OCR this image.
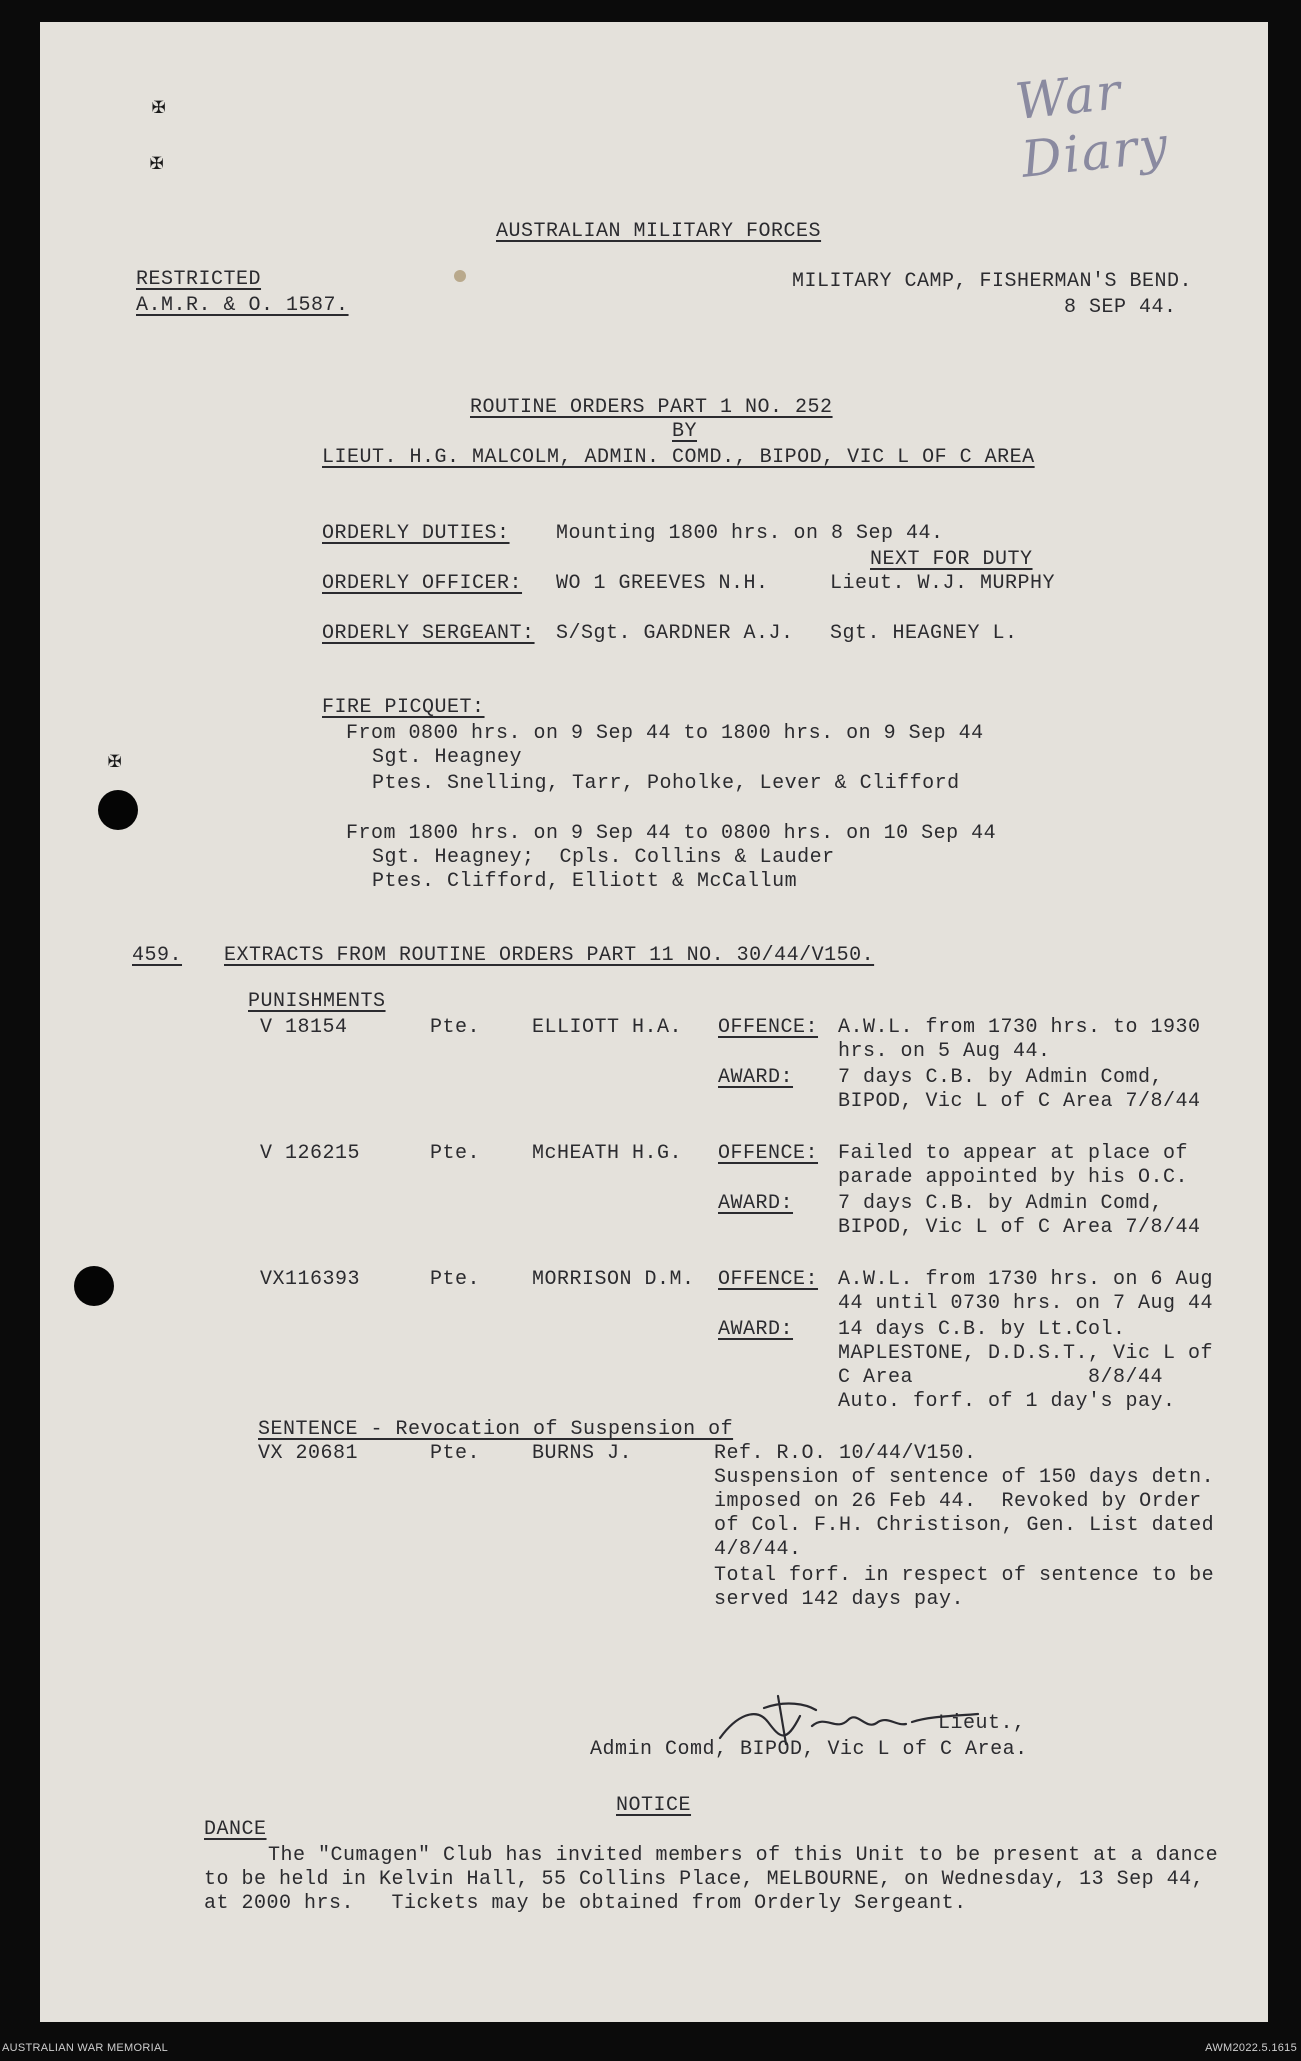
War Diary
✠
✠
✠
AUSTRALIAN MILITARY FORCES
RESTRICTED
A.M.R. & O. 1587.
MILITARY CAMP, FISHERMAN'S BEND.
8 SEP 44.
ROUTINE ORDERS PART 1 NO. 252
BY
LIEUT. H.G. MALCOLM, ADMIN. COMD., BIPOD, VIC L OF C AREA
ORDERLY DUTIES: Mounting 1800 hrs. on 8 Sep 44.
NEXT FOR DUTY
ORDERLY OFFICER: WO 1 GREEVES N.H.	Lieut. W.J. MURPHY
ORDERLY SERGEANT: S/Sgt. GARDNER A.J. Sgt. HEAGNEY L.
FIRE PICQUET:
From 0800 hrs. on 9 Sep 44 to 1800 hrs. on 9 Sep 44
Sgt. Heagney
Ptes. Snelling, Tarr, Poholke, Lever & Clifford
From 1800 hrs. on 9 Sep 44 to 0800 hrs. on 10 Sep 44
Sgt. Heagney;  Cpls. Collins & Lauder
Ptes. Clifford, Elliott & McCallum
459. EXTRACTS FROM ROUTINE ORDERS PART 11 NO. 30/44/V150.
PUNISHMENTS
V 18154	Pte.	ELLIOTT H.A. OFFENCE: A.W.L. from 1730 hrs. to 1930
hrs. on 5 Aug 44.
AWARD: 7 days C.B. by Admin Comd,
BIPOD, Vic L of C Area 7/8/44
V 126215	Pte.	McHEATH H.G. OFFENCE: Failed to appear at place of
parade appointed by his O.C.
AWARD: 7 days C.B. by Admin Comd,
BIPOD, Vic L of C Area 7/8/44
VX116393	Pte.	MORRISON D.M. OFFENCE: A.W.L. from 1730 hrs. on 6 Aug
44 until 0730 hrs. on 7 Aug 44
AWARD: 14 days C.B. by Lt.Col.
MAPLESTONE, D.D.S.T., Vic L of
C Area              8/8/44
Auto. forf. of 1 day's pay.
SENTENCE - Revocation of Suspension of
VX 20681	Pte.	BURNS J.	Ref. R.O. 10/44/V150.
Suspension of sentence of 150 days detn.
imposed on 26 Feb 44.  Revoked by Order
of Col. F.H. Christison, Gen. List dated
4/8/44.
Total forf. in respect of sentence to be
served 142 days pay.
Lieut.,
Admin Comd, BIPOD, Vic L of C Area.
NOTICE
DANCE
The "Cumagen" Club has invited members of this Unit to be present at a dance
to be held in Kelvin Hall, 55 Collins Place, MELBOURNE, on Wednesday, 13 Sep 44,
at 2000 hrs.   Tickets may be obtained from Orderly Sergeant.
AUSTRALIAN WAR MEMORIAL	AWM2022.5.1615
